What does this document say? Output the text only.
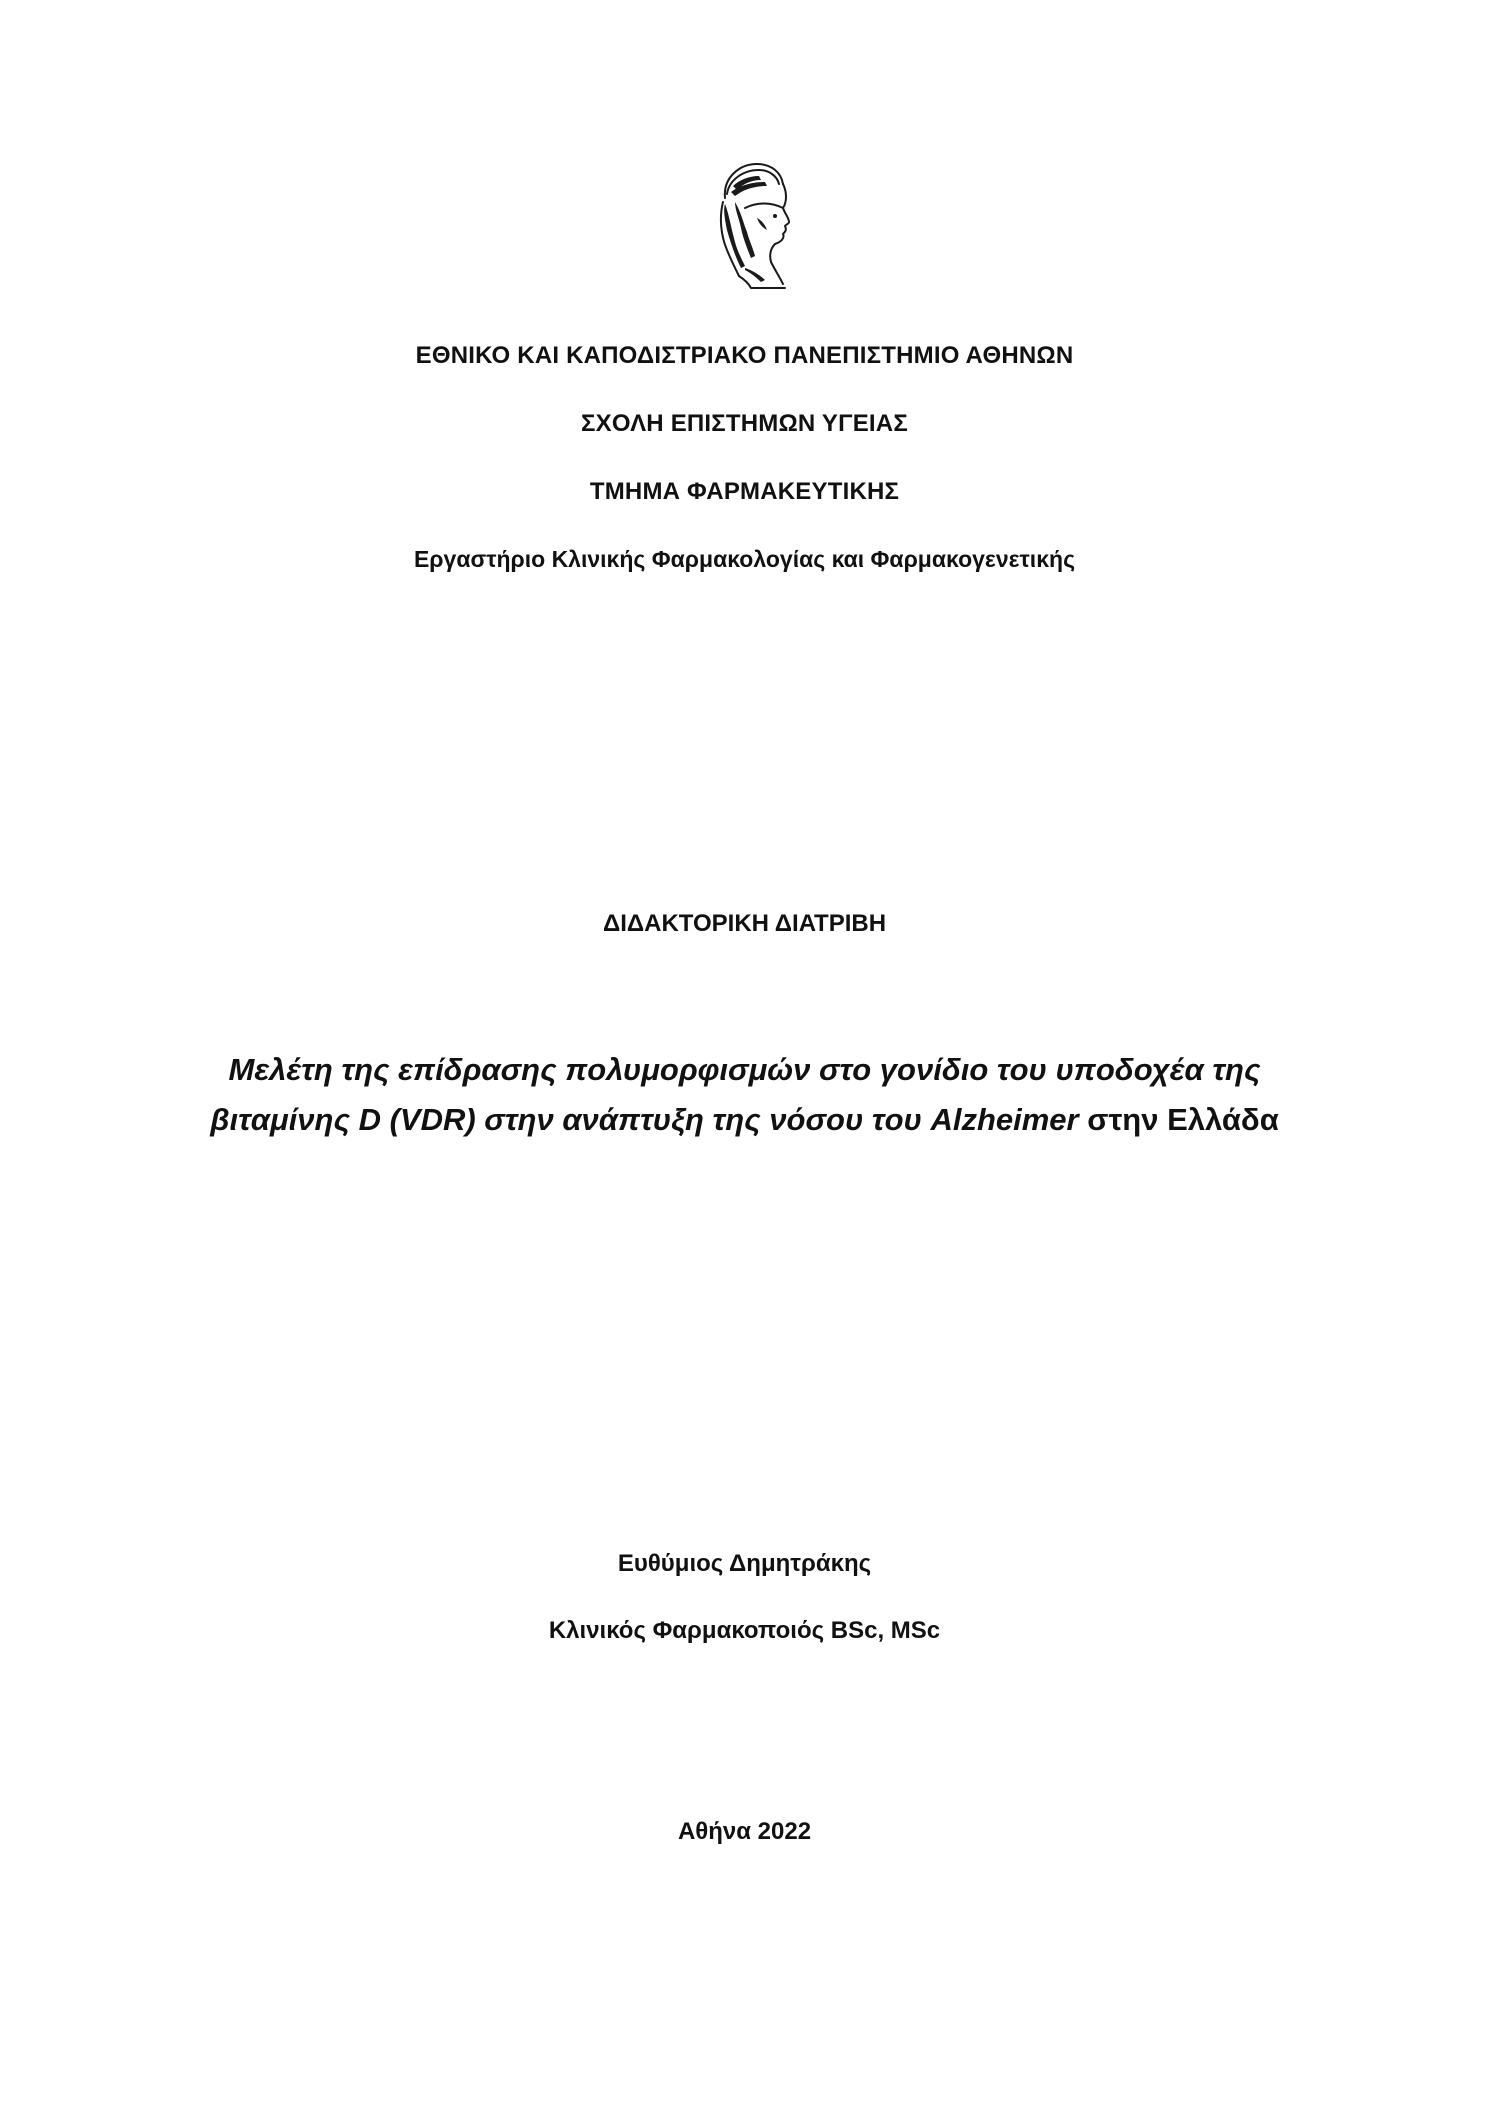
ΕΘΝΙΚΟ ΚΑΙ ΚΑΠΟΔΙΣΤΡΙΑΚΟ ΠΑΝΕΠΙΣΤΗΜΙΟ ΑΘΗΝΩΝ
ΣΧΟΛΗ ΕΠΙΣΤΗΜΩΝ ΥΓΕΙΑΣ
ΤΜΗΜΑ ΦΑΡΜΑΚΕΥΤΙΚΗΣ
Εργαστήριο Κλινικής Φαρμακολογίας και Φαρμακογενετικής
ΔΙΔΑΚΤΟΡΙΚΗ ΔΙΑΤΡΙΒΗ
Μελέτη της επίδρασης πολυμορφισμών στο γονίδιο του υποδοχέα της
βιταμίνης D (VDR) στην ανάπτυξη της νόσου του Alzheimer στην Ελλάδα
Ευθύμιος Δημητράκης
Κλινικός Φαρμακοποιός BSc, MSc
Αθήνα 2022
